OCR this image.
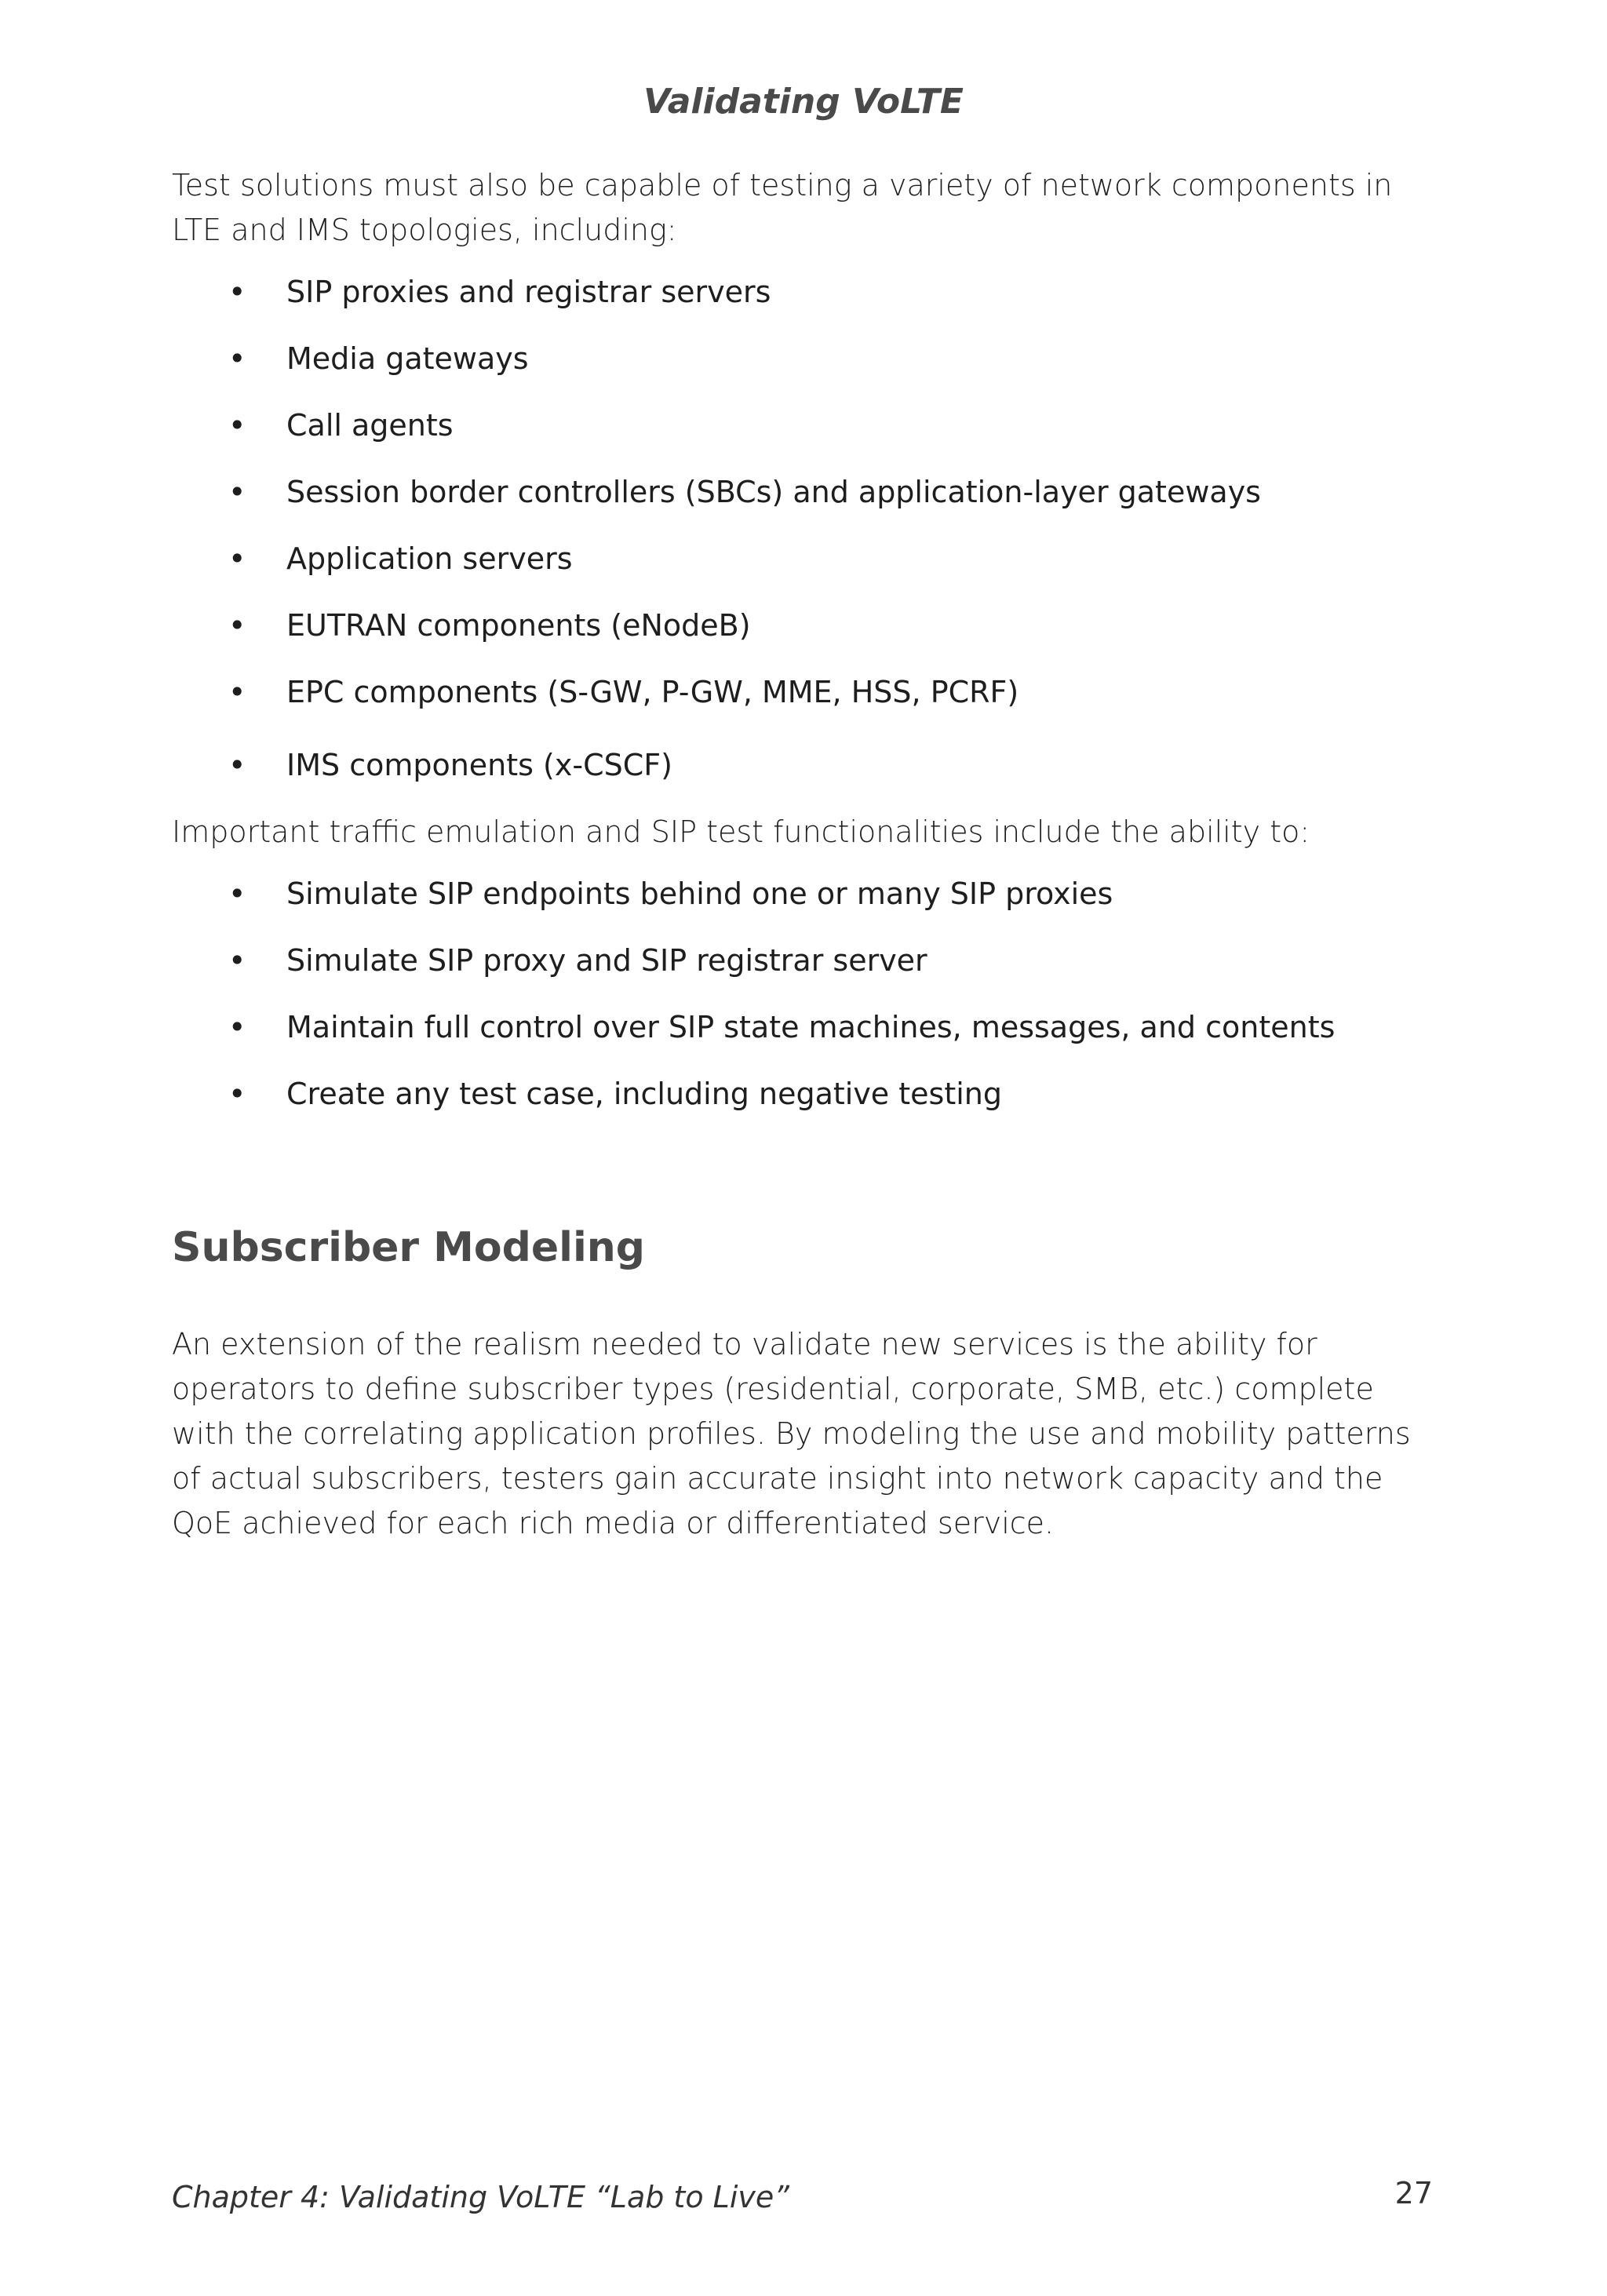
Validating VoLTE

Test solutions must also be capable of testing a variety of network components in LTE and IMS topologies, including:

•	SIP proxies and registrar servers
•	Media gateways
•	Call agents
•	Session border controllers (SBCs) and application-layer gateways
•	Application servers
•	EUTRAN components (eNodeB)
•	EPC components (S-GW, P-GW, MME, HSS, PCRF)
•	IMS components (x-CSCF)

Important traffic emulation and SIP test functionalities include the ability to:

•	Simulate SIP endpoints behind one or many SIP proxies
•	Simulate SIP proxy and SIP registrar server
•	Maintain full control over SIP state machines, messages, and contents
•	Create any test case, including negative testing
Subscriber Modeling

An extension of the realism needed to validate new services is the ability for operators to define subscriber types (residential, corporate, SMB, etc.) complete with the correlating application profiles. By modeling the use and mobility patterns of actual subscribers, testers gain accurate insight into network capacity and the QoE achieved for each rich media or differentiated service.

Chapter 4: Validating VoLTE “Lab to Live”	27
